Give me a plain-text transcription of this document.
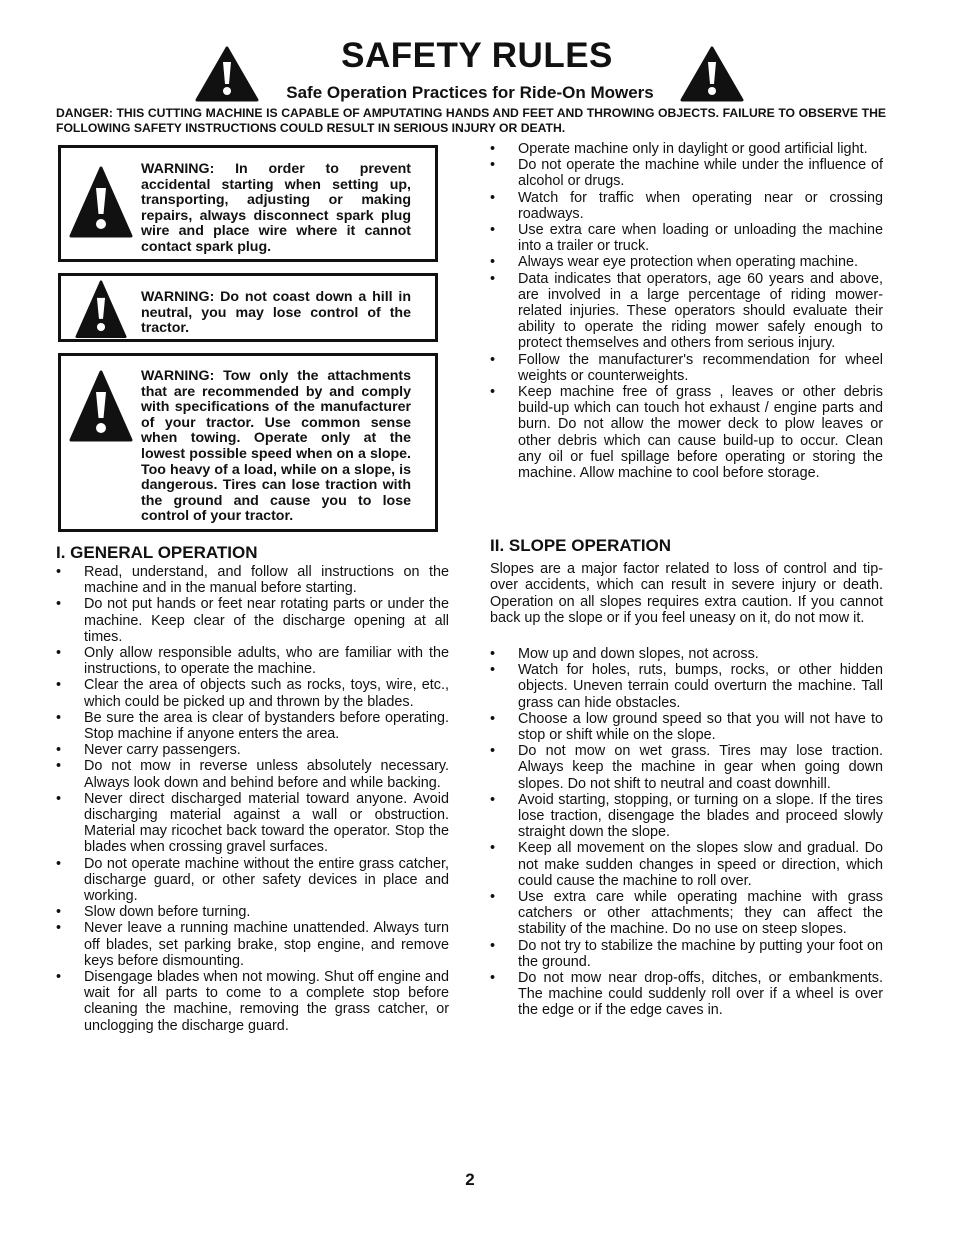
SAFETY RULES
Safe Operation Practices for Ride-On Mowers
DANGER: THIS CUTTING MACHINE IS CAPABLE OF AMPUTATING HANDS AND FEET AND THROWING OBJECTS. FAILURE TO OBSERVE THE FOLLOWING SAFETY INSTRUCTIONS COULD RESULT IN SERIOUS INJURY OR DEATH.
WARNING: In order to prevent accidental starting when setting up, transporting, adjusting or making repairs, always disconnect spark plug wire and place wire where it cannot contact spark plug.
WARNING: Do not coast down a hill in neutral, you may lose control of the tractor.
WARNING: Tow only the attachments that are recommended by and comply with specifications of the manufacturer of your tractor. Use common sense when towing. Operate only at the lowest possible speed when on a slope. Too heavy of a load, while on a slope, is dangerous. Tires can lose traction with the ground and cause you to lose control of your tractor.
I. GENERAL OPERATION
• Read, understand, and follow all instructions on the machine and in the manual before starting.
• Do not put hands or feet near rotating parts or under the machine. Keep clear of the discharge opening at all times.
• Only allow responsible adults, who are familiar with the instructions, to operate the machine.
• Clear the area of objects such as rocks, toys, wire, etc., which could be picked up and thrown by the blades.
• Be sure the area is clear of bystanders before operating. Stop machine if anyone enters the area.
• Never carry passengers.
• Do not mow in reverse unless absolutely necessary. Always look down and behind before and while backing.
• Never direct discharged material toward anyone. Avoid discharging material against a wall or obstruction. Material may ricochet back toward the operator. Stop the blades when crossing gravel surfaces.
• Do not operate machine without the entire grass catcher, discharge guard, or other safety devices in place and working.
• Slow down before turning.
• Never leave a running machine unattended. Always turn off blades, set parking brake, stop engine, and remove keys before dismounting.
• Disengage blades when not mowing. Shut off engine and wait for all parts to come to a complete stop before cleaning the machine, removing the grass catcher, or unclogging the discharge guard.
• Operate machine only in daylight or good artificial light.
• Do not operate the machine while under the influence of alcohol or drugs.
• Watch for traffic when operating near or crossing roadways.
• Use extra care when loading or unloading the machine into a trailer or truck.
• Always wear eye protection when operating machine.
• Data indicates that operators, age 60 years and above, are involved in a large percentage of riding mower-related injuries. These operators should evaluate their ability to operate the riding mower safely enough to protect themselves and others from serious injury.
• Follow the manufacturer's recommendation for wheel weights or counterweights.
• Keep machine free of grass , leaves or other debris build-up which can touch hot exhaust / engine parts and burn. Do not allow the mower deck to plow leaves or other debris which can cause build-up to occur. Clean any oil or fuel spillage before operating or storing the machine. Allow machine to cool before storage.
II. SLOPE OPERATION
Slopes are a major factor related to loss of control and tip-over accidents, which can result in severe injury or death. Operation on all slopes requires extra caution. If you cannot back up the slope or if you feel uneasy on it, do not mow it.
• Mow up and down slopes, not across.
• Watch for holes, ruts, bumps, rocks, or other hidden objects. Uneven terrain could overturn the machine. Tall grass can hide obstacles.
• Choose a low ground speed so that you will not have to stop or shift while on the slope.
• Do not mow on wet grass. Tires may lose traction. Always keep the machine in gear when going down slopes. Do not shift to neutral and coast downhill.
• Avoid starting, stopping, or turning on a slope. If the tires lose traction, disengage the blades and proceed slowly straight down the slope.
• Keep all movement on the slopes slow and gradual. Do not make sudden changes in speed or direction, which could cause the machine to roll over.
• Use extra care while operating machine with grass catchers or other attachments; they can affect the stability of the machine. Do no use on steep slopes.
• Do not try to stabilize the machine by putting your foot on the ground.
• Do not mow near drop-offs, ditches, or embankments. The machine could suddenly roll over if a wheel is over the edge or if the edge caves in.
2
